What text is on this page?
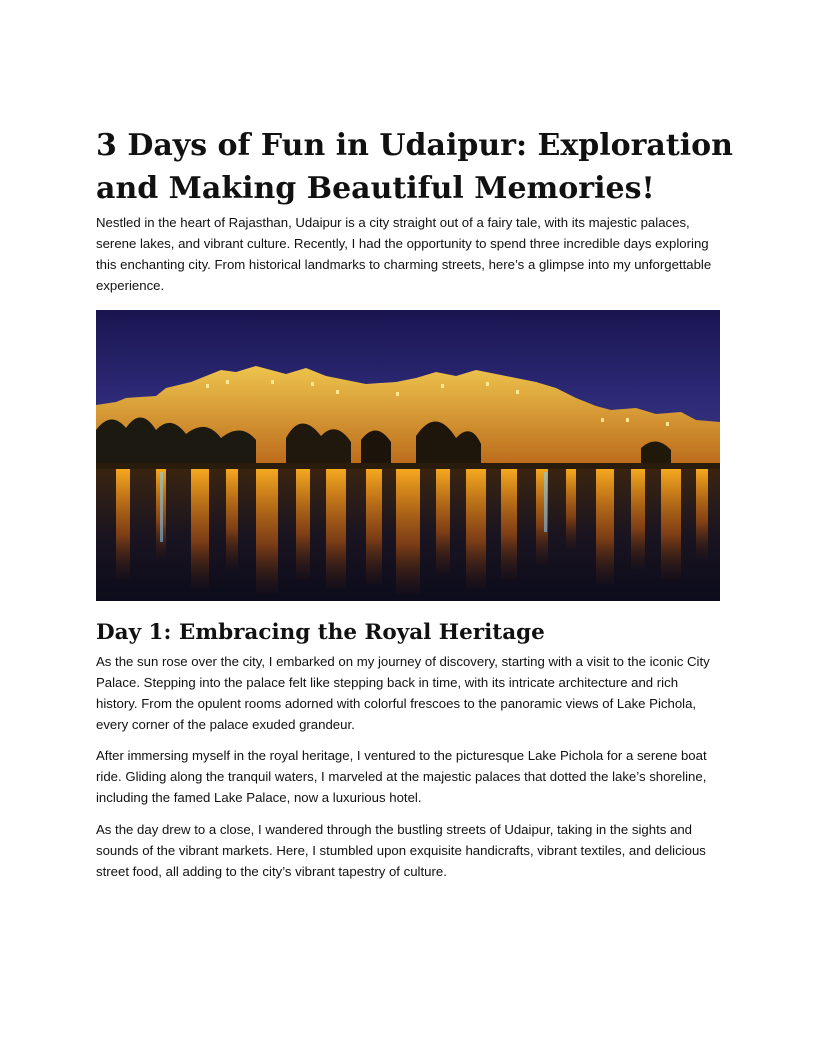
3 Days of Fun in Udaipur: Exploration and Making Beautiful Memories!

Nestled in the heart of Rajasthan, Udaipur is a city straight out of a fairy tale, with its majestic palaces, serene lakes, and vibrant culture. Recently, I had the opportunity to spend three incredible days exploring this enchanting city. From historical landmarks to charming streets, here’s a glimpse into my unforgettable experience.

Day 1: Embracing the Royal Heritage

As the sun rose over the city, I embarked on my journey of discovery, starting with a visit to the iconic City Palace. Stepping into the palace felt like stepping back in time, with its intricate architecture and rich history. From the opulent rooms adorned with colorful frescoes to the panoramic views of Lake Pichola, every corner of the palace exuded grandeur.

After immersing myself in the royal heritage, I ventured to the picturesque Lake Pichola for a serene boat ride. Gliding along the tranquil waters, I marveled at the majestic palaces that dotted the lake’s shoreline, including the famed Lake Palace, now a luxurious hotel.

As the day drew to a close, I wandered through the bustling streets of Udaipur, taking in the sights and sounds of the vibrant markets. Here, I stumbled upon exquisite handicrafts, vibrant textiles, and delicious street food, all adding to the city’s vibrant tapestry of culture.
